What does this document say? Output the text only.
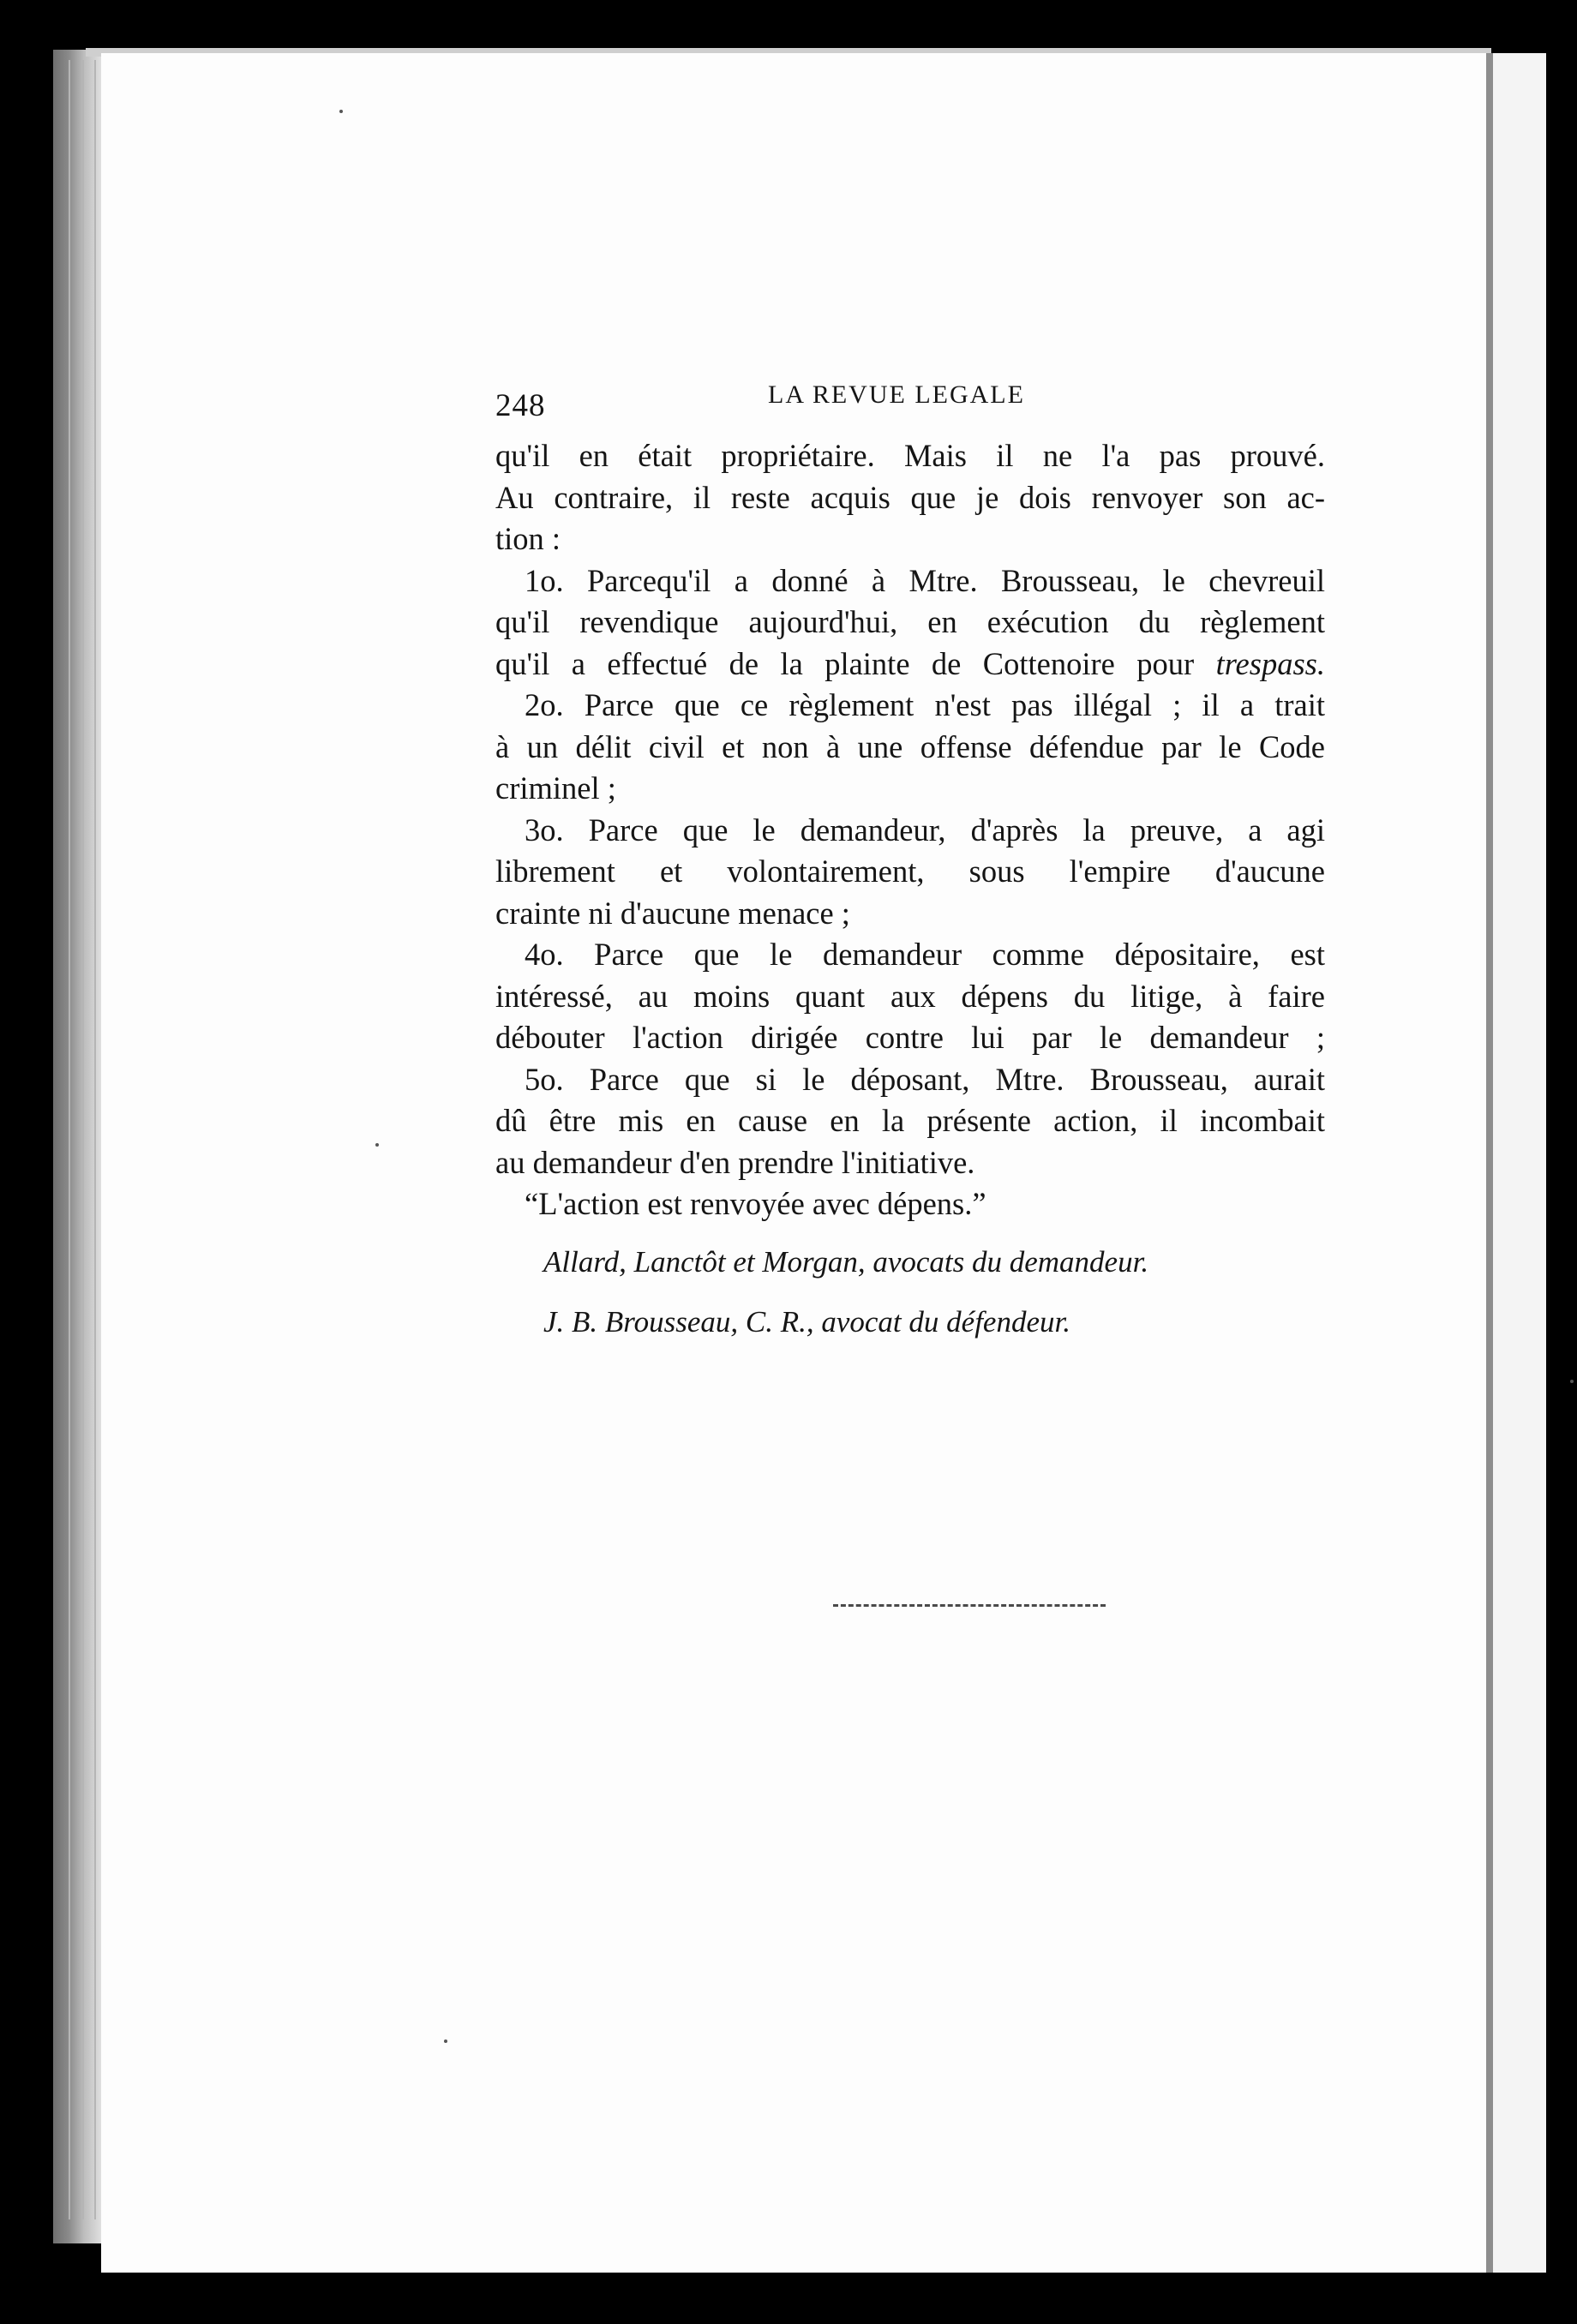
248	LA REVUE LEGALE
qu'il en était propriétaire. Mais il ne l'a pas prouvé.
Au contraire, il reste acquis que je dois renvoyer son ac-
tion :
1o. Parcequ'il a donné à Mtre. Brousseau, le chevreuil
qu'il revendique aujourd'hui, en exécution du règlement
qu'il a effectué de la plainte de Cottenoire pour trespass.
2o. Parce que ce règlement n'est pas illégal ; il a trait
à un délit civil et non à une offense défendue par le Code
criminel ;
3o. Parce que le demandeur, d'après la preuve, a agi
librement et volontairement, sous l'empire d'aucune
crainte ni d'aucune menace ;
4o. Parce que le demandeur comme dépositaire, est
intéressé, au moins quant aux dépens du litige, à faire
débouter l'action dirigée contre lui par le demandeur ;
5o. Parce que si le déposant, Mtre. Brousseau, aurait
dû être mis en cause en la présente action, il incombait
au demandeur d'en prendre l'initiative.
“L'action est renvoyée avec dépens.”
Allard, Lanctôt et Morgan, avocats du demandeur.
J. B. Brousseau, C. R., avocat du défendeur.
